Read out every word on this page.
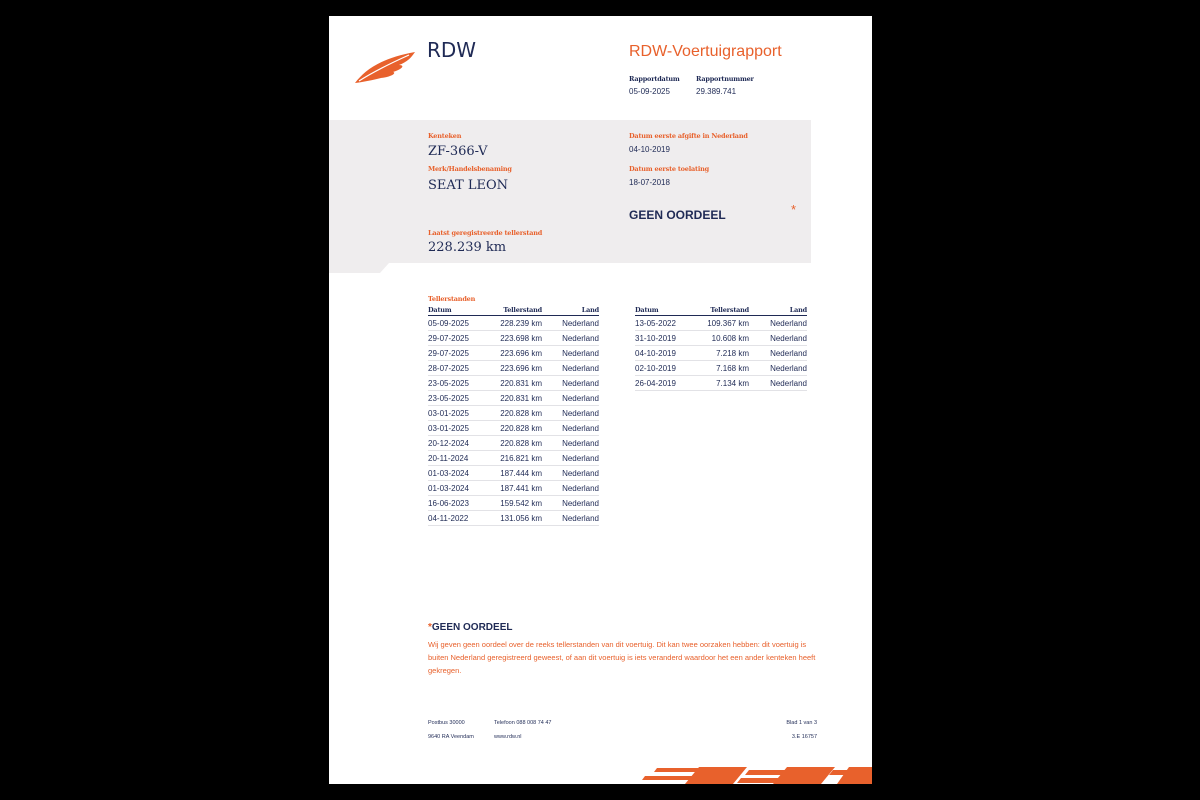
RDW	RDW-Voertuigrapport
Rapportdatum
05-09-2025
Rapportnummer
29.389.741
Kenteken
ZF-366-V
Merk/Handelsbenaming
SEAT LEON
Laatst geregistreerde tellerstand
228.239 km
Datum eerste afgifte in Nederland
04-10-2019
Datum eerste toelating
18-07-2018
GEEN OORDEEL	*
Tellerstanden
Datum	Tellerstand	Land
05-09-2025	228.239 km	Nederland
29-07-2025	223.698 km	Nederland
29-07-2025	223.696 km	Nederland
28-07-2025	223.696 km	Nederland
23-05-2025	220.831 km	Nederland
23-05-2025	220.831 km	Nederland
03-01-2025	220.828 km	Nederland
03-01-2025	220.828 km	Nederland
20-12-2024	220.828 km	Nederland
20-11-2024	216.821 km	Nederland
01-03-2024	187.444 km	Nederland
01-03-2024	187.441 km	Nederland
16-06-2023	159.542 km	Nederland
04-11-2022	131.056 km	Nederland
Datum	Tellerstand	Land
13-05-2022	109.367 km	Nederland
31-10-2019	10.608 km	Nederland
04-10-2019	7.218 km	Nederland
02-10-2019	7.168 km	Nederland
26-04-2019	7.134 km	Nederland
*GEEN OORDEEL
Wij geven geen oordeel over de reeks tellerstanden van dit voertuig. Dit kan twee oorzaken hebben: dit voertuig is buiten Nederland geregistreerd geweest, of aan dit voertuig is iets veranderd waardoor het een ander kenteken heeft gekregen.
Postbus 30000
9640 RA Veendam
Telefoon 088 008 74 47
www.rdw.nl
Blad 1 van 3
3.E 16757
